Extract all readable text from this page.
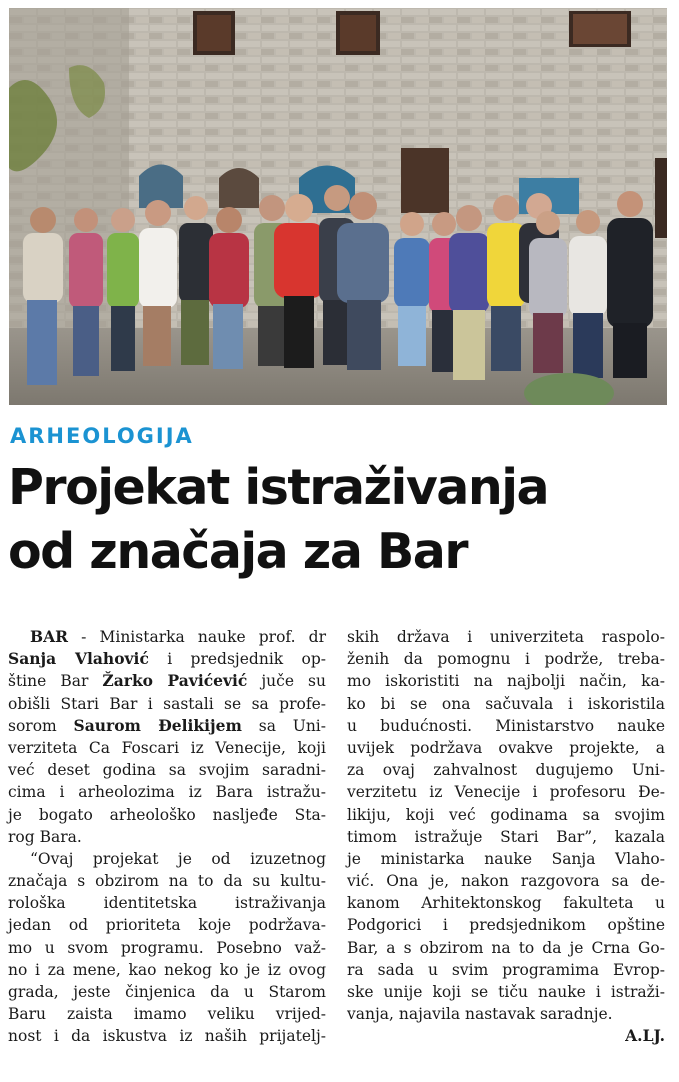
ARHEOLOGIJA
Projekat istraživanja
od značaja za Bar
BAR - Ministarka nauke prof. dr
Sanja Vlahović i predsjednik op-
štine Bar Žarko Pavićević juče su
obišli Stari Bar i sastali se sa profe-
sorom Saurom Đelikijem sa Uni-
verziteta Ca Foscari iz Venecije, koji
već deset godina sa svojim saradni-
cima i arheolozima iz Bara istražu-
je bogato arheološko nasljeđe Sta-
rog Bara.
“Ovaj projekat je od izuzetnog
značaja s obzirom na to da su kultu-
rološka identitetska istraživanja
jedan od prioriteta koje podržava-
mo u svom programu. Posebno važ-
no i za mene, kao nekog ko je iz ovog
grada, jeste činjenica da u Starom
Baru zaista imamo veliku vrijed-
nost i da iskustva iz naših prijatelj-
skih država i univerziteta raspolo-
ženih da pomognu i podrže, treba-
mo iskoristiti na najbolji način, ka-
ko bi se ona sačuvala i iskoristila
u budućnosti. Ministarstvo nauke
uvijek podržava ovakve projekte, a
za ovaj zahvalnost dugujemo Uni-
verzitetu iz Venecije i profesoru Đe-
likiju, koji već godinama sa svojim
timom istražuje Stari Bar”, kazala
je ministarka nauke Sanja Vlaho-
vić. Ona je, nakon razgovora sa de-
kanom Arhitektonskog fakulteta u
Podgorici i predsjednikom opštine
Bar, a s obzirom na to da je Crna Go-
ra sada u svim programima Evrop-
ske unije koji se tiču nauke i istraži-
vanja, najavila nastavak saradnje.
A.LJ.
